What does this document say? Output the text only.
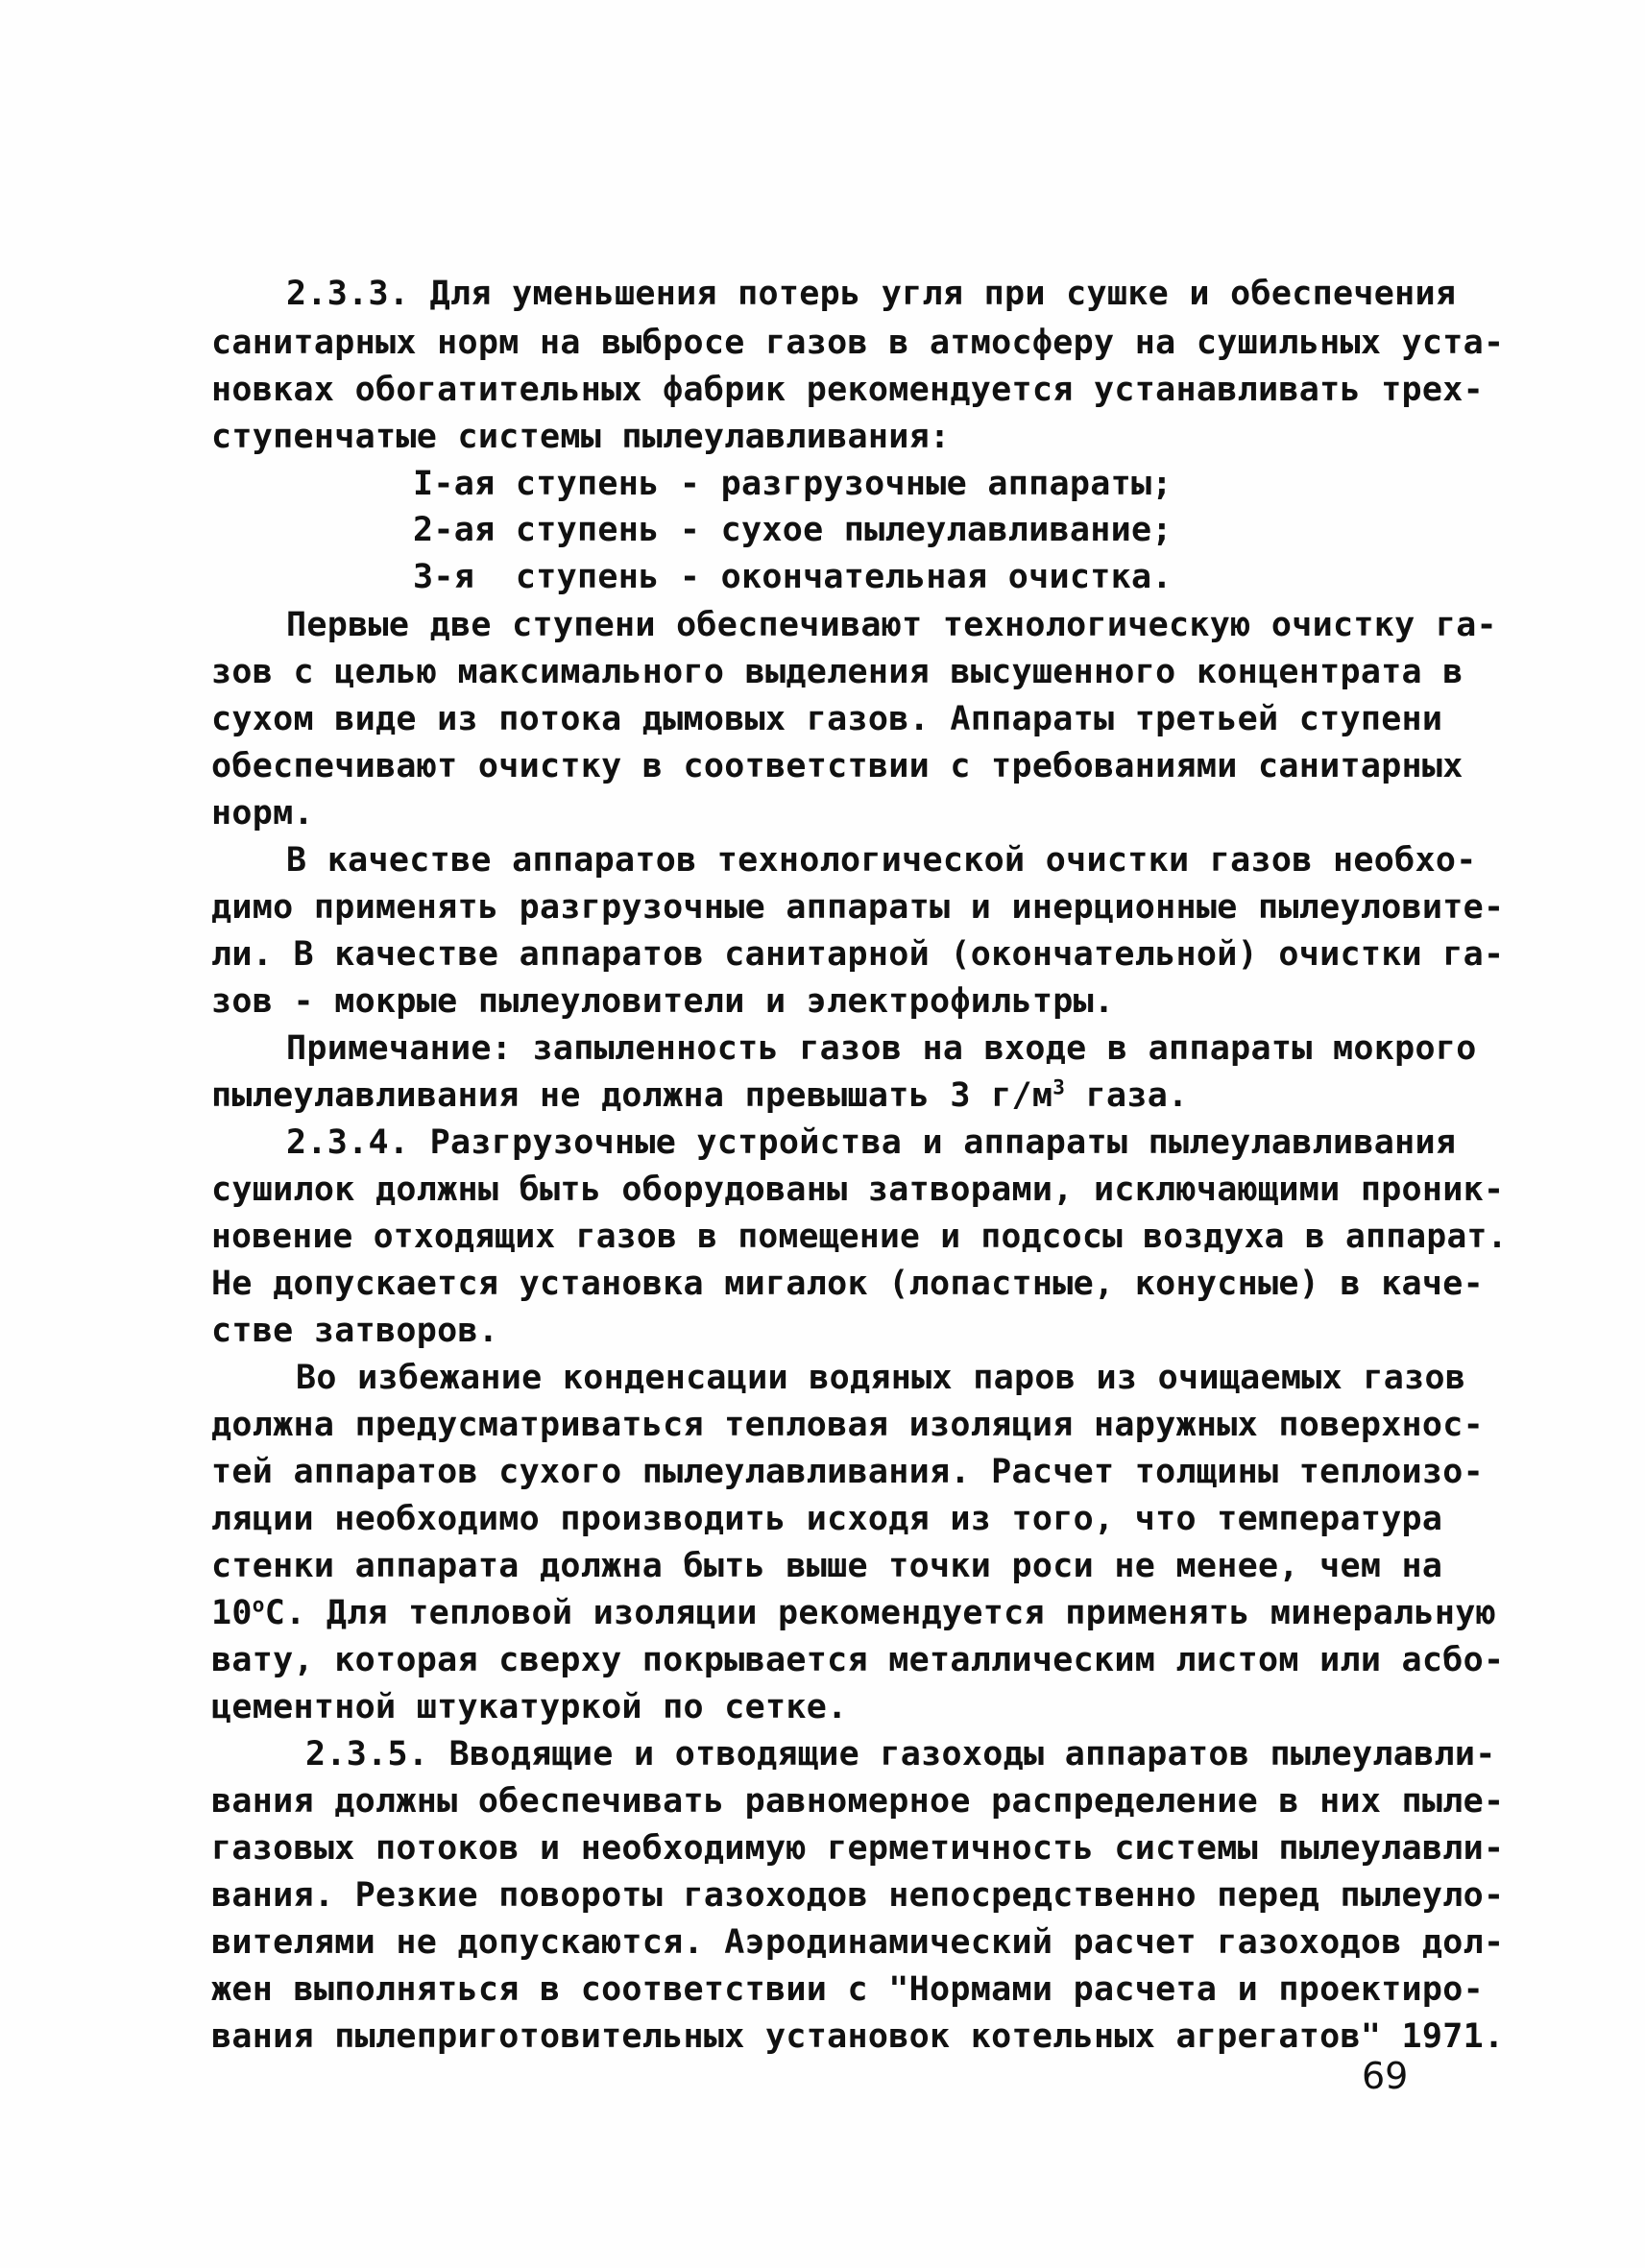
2.3.3. Для уменьшения потерь угля при сушке и обеспечения
санитарных норм на выбросе газов в атмосферу на сушильных уста-
новках обогатительных фабрик рекомендуется устанавливать трех-
ступенчатые системы пылеулавливания:
I-ая ступень - разгрузочные аппараты;
2-ая ступень - сухое пылеулавливание;
3-я  ступень - окончательная очистка.
Первые две ступени обеспечивают технологическую очистку га-
зов с целью максимального выделения высушенного концентрата в
сухом виде из потока дымовых газов. Аппараты третьей ступени
обеспечивают очистку в соответствии с требованиями санитарных
норм.
В качестве аппаратов технологической очистки газов необхо-
димо применять разгрузочные аппараты и инерционные пылеуловите-
ли. В качестве аппаратов санитарной (окончательной) очистки га-
зов - мокрые пылеуловители и электрофильтры.
Примечание: запыленность газов на входе в аппараты мокрого
пылеулавливания не должна превышать 3 $г/м^3$ газа.
2.3.4. Разгрузочные устройства и аппараты пылеулавливания
сушилок должны быть оборудованы затворами, исключающими проник-
новение отходящих газов в помещение и подсосы воздуха в аппарат.
Не допускается установка мигалок (лопастные, конусные) в каче-
стве затворов.
Во избежание конденсации водяных паров из очищаемых газов
должна предусматриваться тепловая изоляция наружных поверхнос-
тей аппаратов сухого пылеулавливания. Расчет толщины теплоизо-
ляции необходимо производить исходя из того, что температура
стенки аппарата должна быть выше точки роси не менее, чем на
$10^оС$. Для тепловой изоляции рекомендуется применять минеральную
вату, которая сверху покрывается металлическим листом или асбо-
цементной штукатуркой по сетке.
2.3.5. Вводящие и отводящие газоходы аппаратов пылеулавли-
вания должны обеспечивать равномерное распределение в них пыле-
газовых потоков и необходимую герметичность системы пылеулавли-
вания. Резкие повороты газоходов непосредственно перед пылеуло-
вителями не допускаются. Аэродинамический расчет газоходов дол-
жен выполняться в соответствии с "Нормами расчета и проектиро-
вания пылеприготовительных установок котельных агрегатов" 1971.
69
